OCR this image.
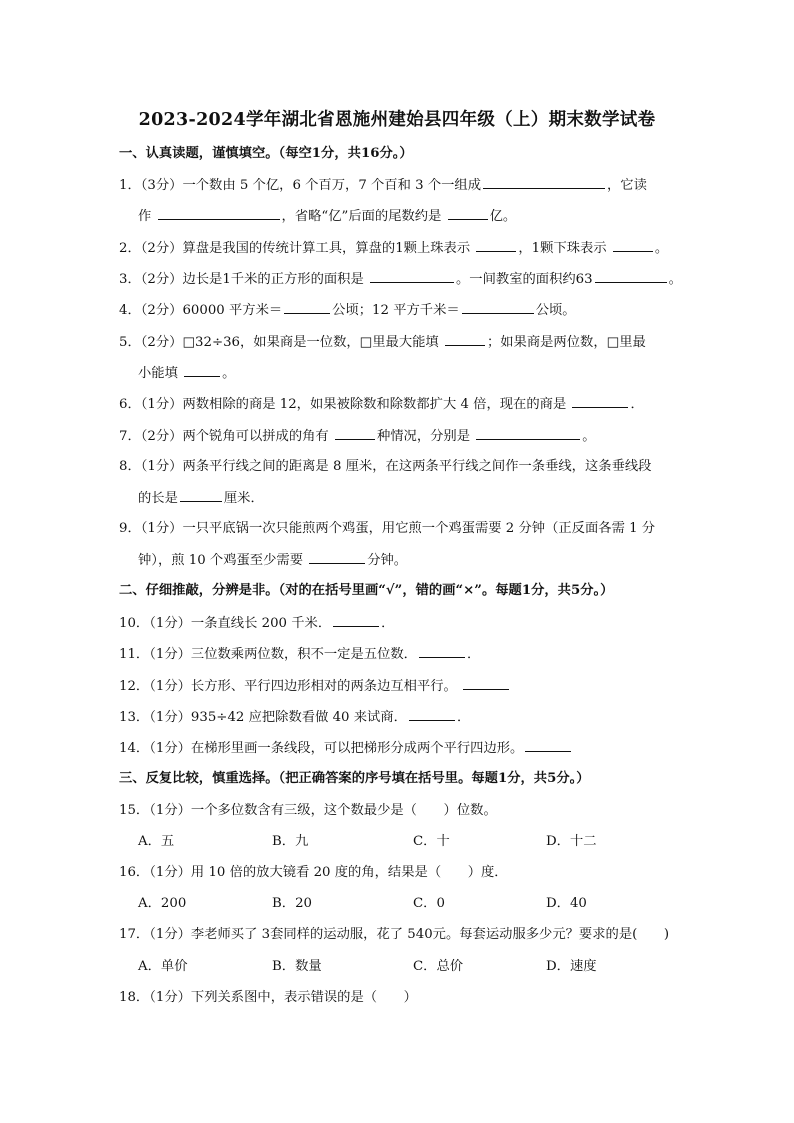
2023-2024学年湖北省恩施州建始县四年级（上）期末数学试卷
一、认真读题，谨慎填空。（每空1分，共16分。）
1．（3分）一个数由 5 个亿，6 个百万，7 个百和 3 个一组成	，它读
作	，省略“亿”后面的尾数约是	亿。
2．（2分）算盘是我国的传统计算工具，算盘的1颗上珠表示	，1颗下珠表示	。
3．（2分）边长是1千米的正方形的面积是	。一间教室的面积约63	。
4．（2分）60000 平方米＝	公顷；12 平方千米＝	公顷。
5．（2分）□32÷36，如果商是一位数，□里最大能填	；如果商是两位数，□里最
小能填	。
6．（1分）两数相除的商是 12，如果被除数和除数都扩大 4 倍，现在的商是	．
7．（2分）两个锐角可以拼成的角有	种情况，分别是	。
8．（1分）两条平行线之间的距离是 8 厘米，在这两条平行线之间作一条垂线，这条垂线段
的长是	厘米．
9．（1分）一只平底锅一次只能煎两个鸡蛋，用它煎一个鸡蛋需要 2 分钟（正反面各需 1 分
钟），煎 10 个鸡蛋至少需要	分钟。
二、仔细推敲，分辨是非。（对的在括号里画“√”，错的画“×”。每题1分，共5分。）
10．（1分）一条直线长 200 千米．	．
11．（1分）三位数乘两位数，积不一定是五位数．	．
12．（1分）长方形、平行四边形相对的两条边互相平行。
13．（1分）935÷42 应把除数看做 40 来试商．	．
14．（1分）在梯形里画一条线段，可以把梯形分成两个平行四边形。
三、反复比较，慎重选择。（把正确答案的序号填在括号里。每题1分，共5分。）
15．（1分）一个多位数含有三级，这个数最少是（　　）位数。
A．五	B．九	C．十	D．十二
16．（1分）用 10 倍的放大镜看 20 度的角，结果是（　　）度．
A．200	B．20	C．0	D．40
17．（1分）李老师买了 3套同样的运动服，花了 540元。每套运动服多少元？要求的是(　　)
A．单价	B．数量	C．总价	D．速度
18．（1分）下列关系图中，表示错误的是（　　）
